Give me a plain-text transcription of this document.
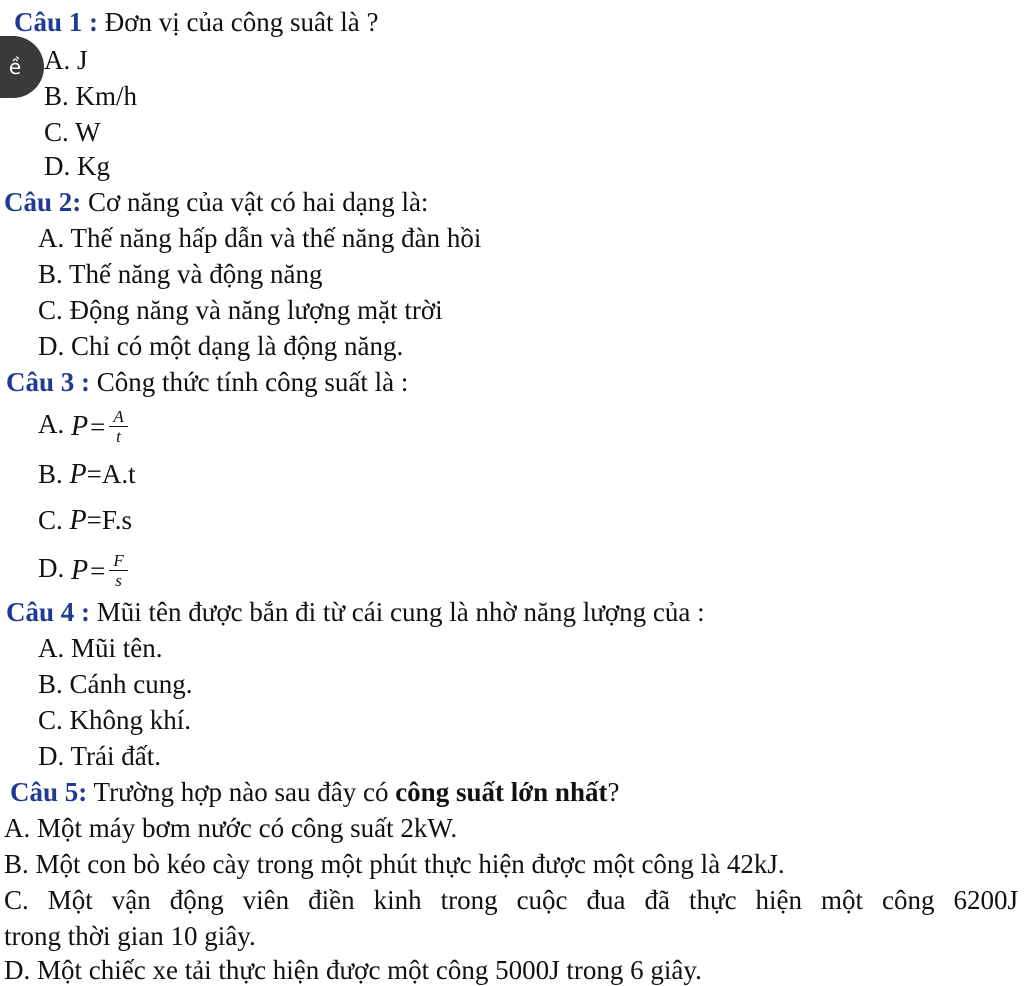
Câu 1 : Đơn vị của công suât là ?
ề A. J
B. Km/h
C. W
D. Kg
Câu 2: Cơ năng của vật có hai dạng là:
A. Thế năng hấp dẫn và thế năng đàn hồi
B. Thế năng và động năng
C. Động năng và năng lượng mặt trời
D. Chỉ có một dạng là động năng.
Câu 3 : Công thức tính công suất là :
A. $P = \frac{A}{t}$
B. P=A.t
C. P=F.s
D. $P = \frac{F}{s}$
Câu 4 : Mũi tên được bắn đi từ cái cung là nhờ năng lượng của :
A. Mũi tên.
B. Cánh cung.
C. Không khí.
D. Trái đất.
Câu 5: Trường hợp nào sau đây có công suất lớn nhất?
A. Một máy bơm nước có công suất 2kW.
B. Một con bò kéo cày trong một phút thực hiện được một công là 42kJ.
C. Một vận động viên điền kinh trong cuộc đua đã thực hiện một công 6200J
trong thời gian 10 giây.
D. Một chiếc xe tải thực hiện được một công 5000J trong 6 giây.
